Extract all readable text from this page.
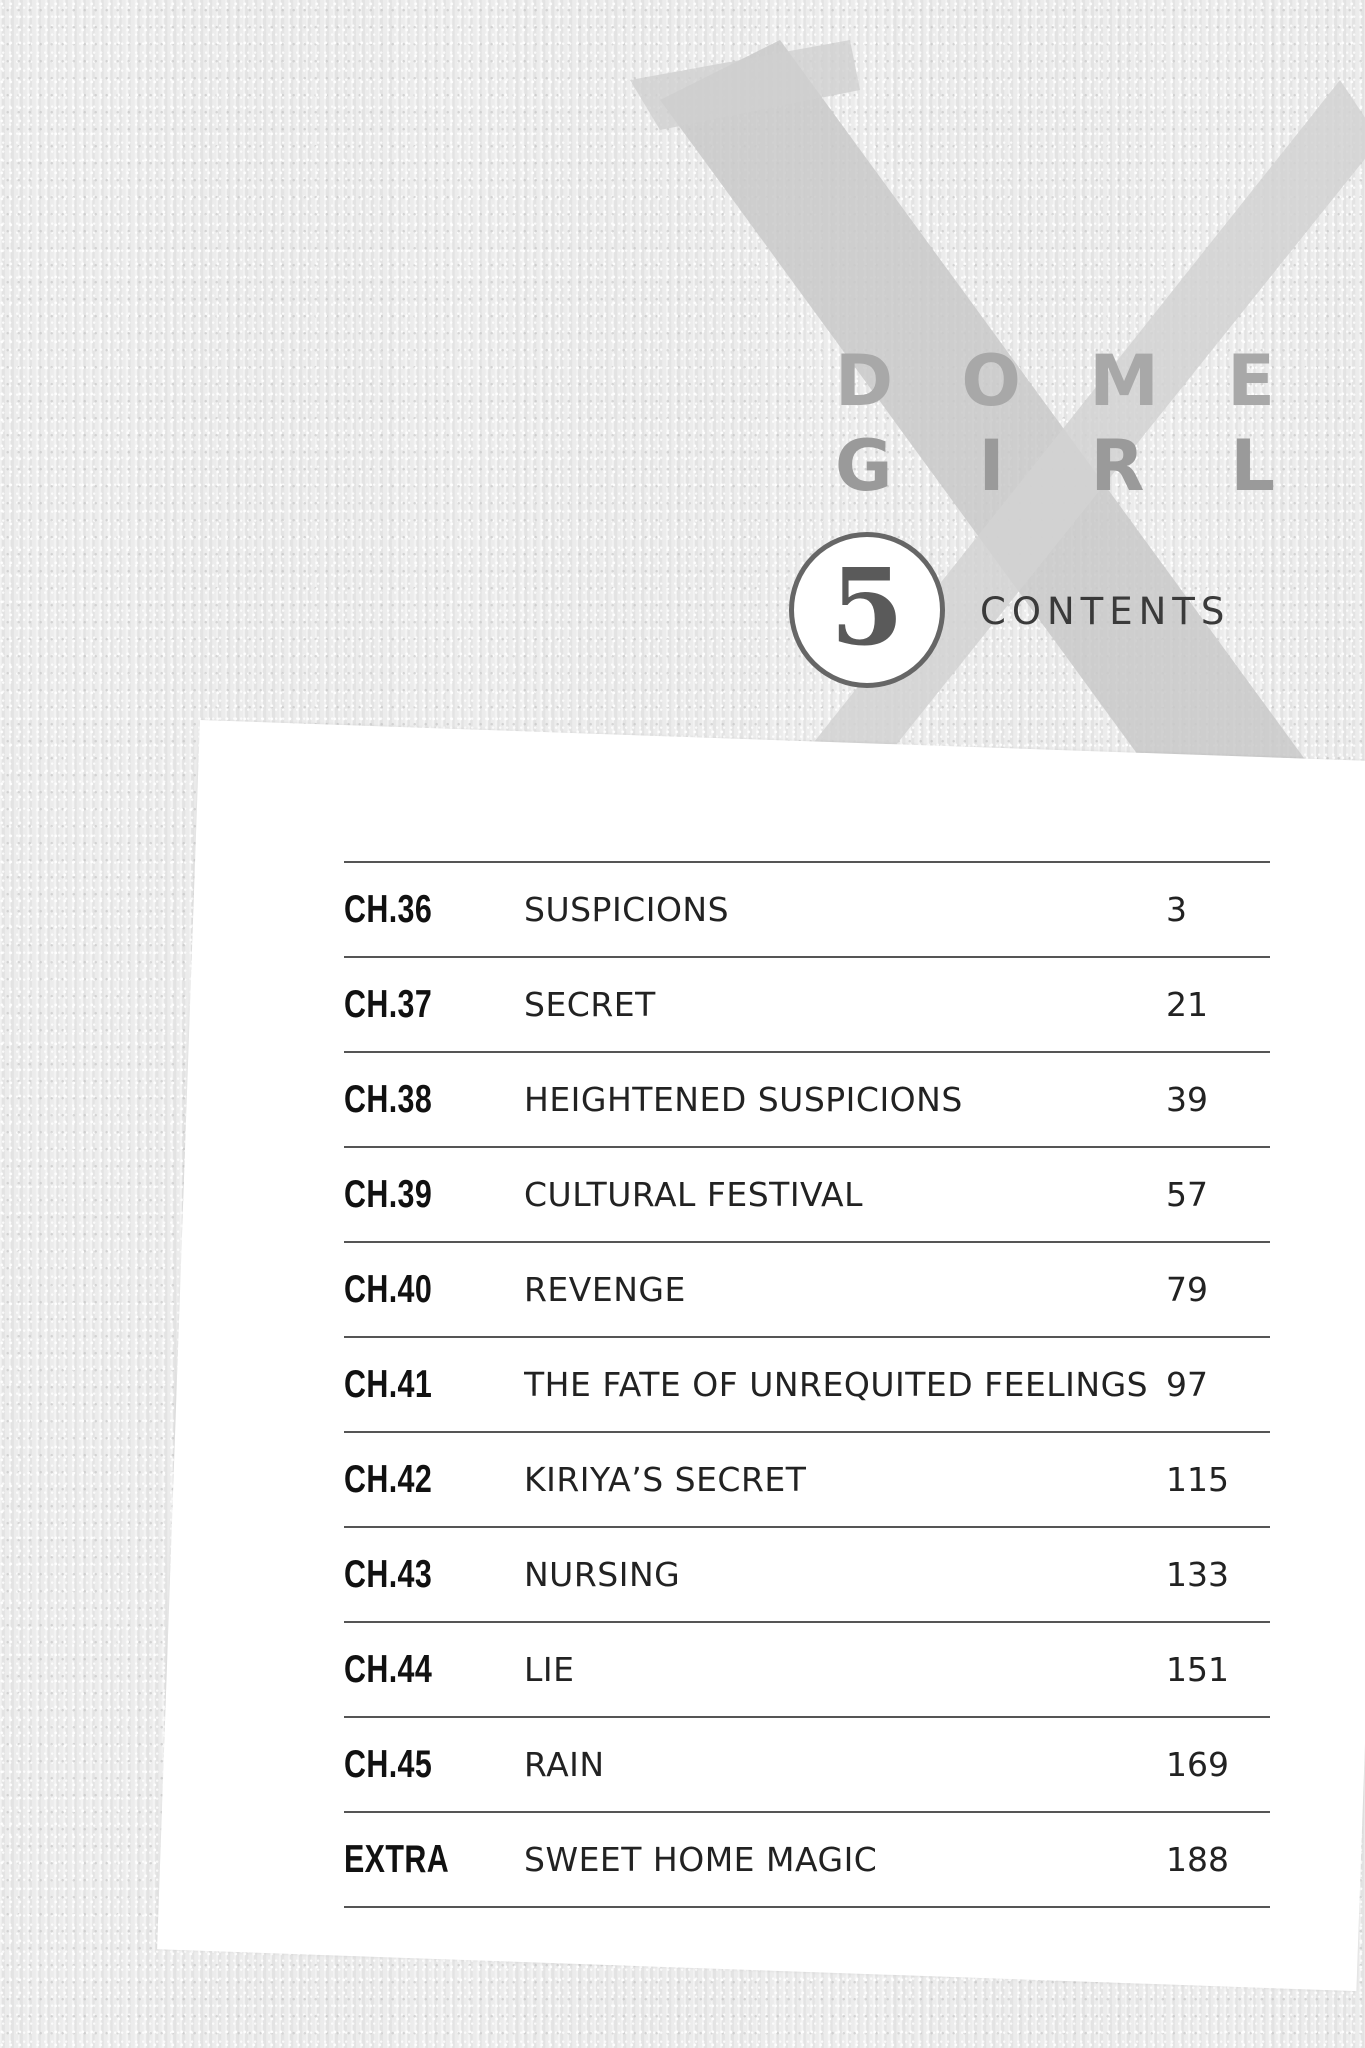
D O M E
G I R L
5 CONTENTS
CH.36	SUSPICIONS	3
CH.37	SECRET	21
CH.38	HEIGHTENED SUSPICIONS	39
CH.39	CULTURAL FESTIVAL	57
CH.40	REVENGE	79
CH.41	THE FATE OF UNREQUITED FEELINGS 97
CH.42	KIRIYA’S SECRET	115
CH.43	NURSING	133
CH.44	LIE	151
CH.45	RAIN	169
EXTRA	SWEET HOME MAGIC	188
